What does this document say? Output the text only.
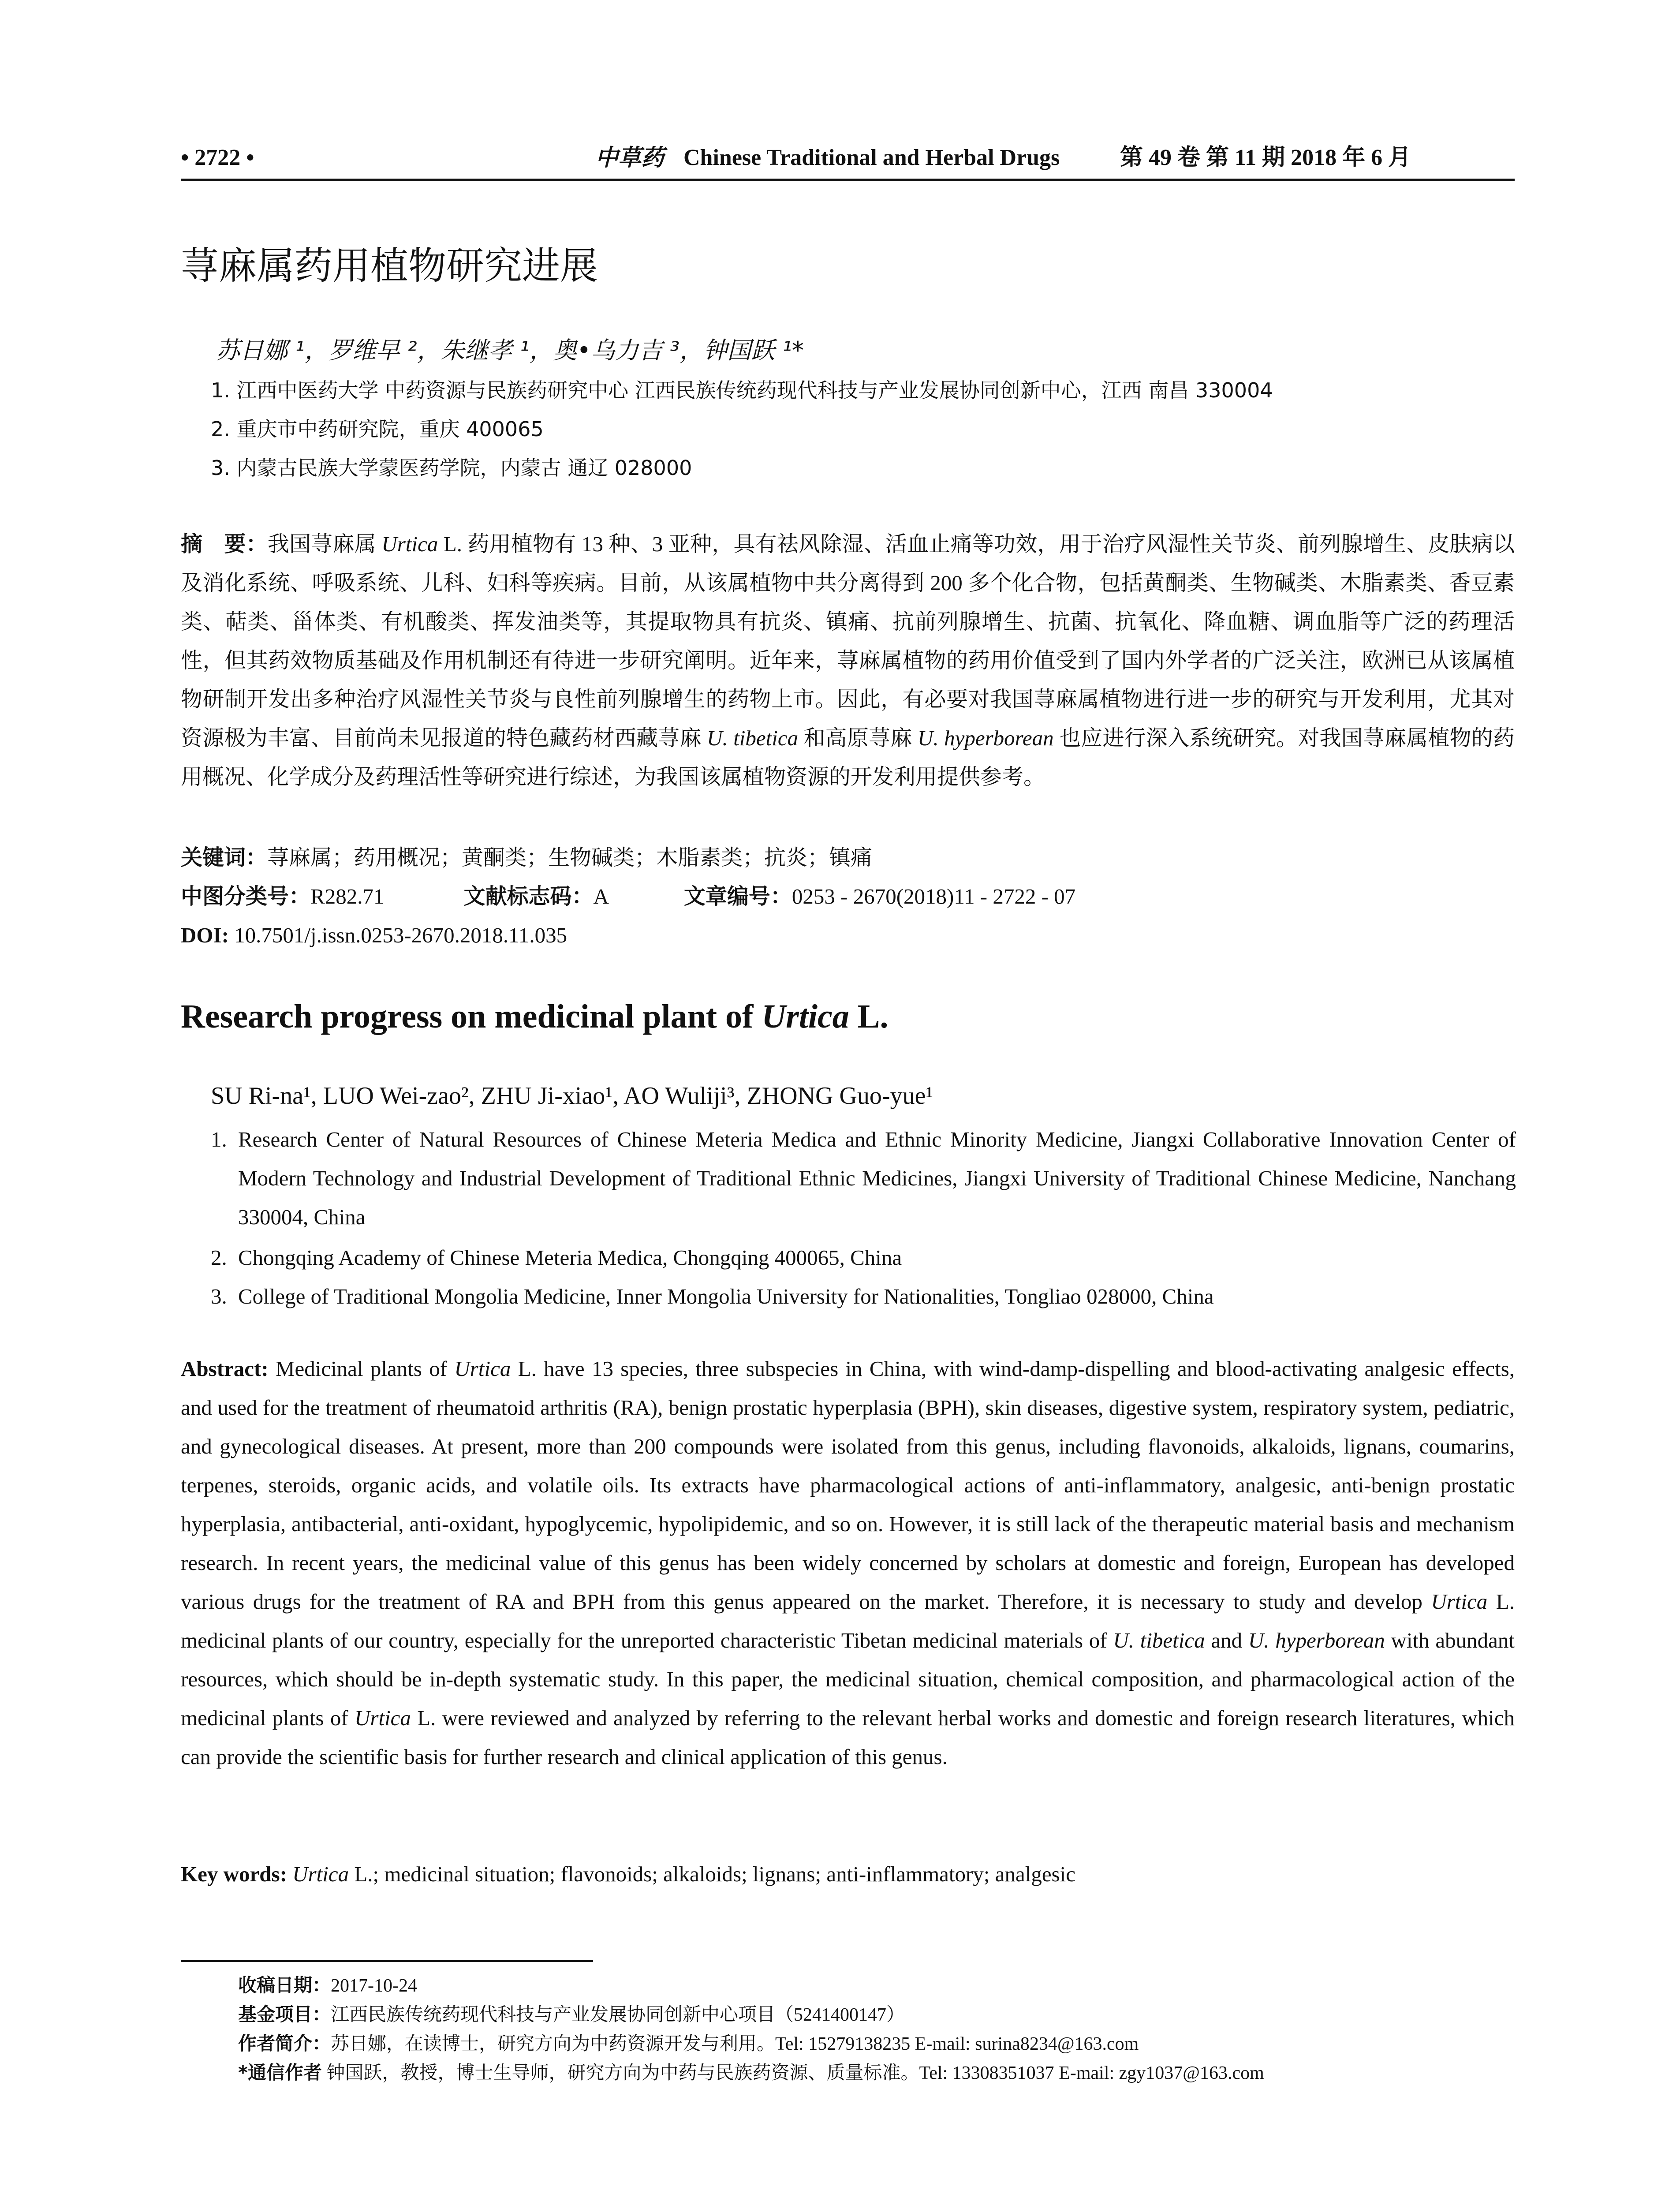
• 2722 •	中草药 Chinese Traditional and Herbal Drugs	第 49 卷 第 11 期 2018 年 6 月
荨麻属药用植物研究进展
苏日娜 ¹，罗维早 ²，朱继孝 ¹，奥•乌力吉 ³，钟国跃 ¹*
1. 江西中医药大学 中药资源与民族药研究中心 江西民族传统药现代科技与产业发展协同创新中心，江西 南昌 330004
2. 重庆市中药研究院，重庆 400065
3. 内蒙古民族大学蒙医药学院，内蒙古 通辽 028000

摘　要：我国荨麻属 Urtica L. 药用植物有 13 种、3 亚种，具有祛风除湿、活血止痛等功效，用于治疗风湿性关节炎、前列腺增生、皮肤病以及消化系统、呼吸系统、儿科、妇科等疾病。目前，从该属植物中共分离得到 200 多个化合物，包括黄酮类、生物碱类、木脂素类、香豆素类、萜类、甾体类、有机酸类、挥发油类等，其提取物具有抗炎、镇痛、抗前列腺增生、抗菌、抗氧化、降血糖、调血脂等广泛的药理活性，但其药效物质基础及作用机制还有待进一步研究阐明。近年来，荨麻属植物的药用价值受到了国内外学者的广泛关注，欧洲已从该属植物研制开发出多种治疗风湿性关节炎与良性前列腺增生的药物上市。因此，有必要对我国荨麻属植物进行进一步的研究与开发利用，尤其对资源极为丰富、目前尚未见报道的特色藏药材西藏荨麻 U. tibetica 和高原荨麻 U. hyperborean 也应进行深入系统研究。对我国荨麻属植物的药用概况、化学成分及药理活性等研究进行综述，为我国该属植物资源的开发利用提供参考。

关键词：荨麻属；药用概况；黄酮类；生物碱类；木脂素类；抗炎；镇痛
中图分类号：R282.71	文献标志码：A	文章编号：0253 - 2670(2018)11 - 2722 - 07
DOI: 10.7501/j.issn.0253-2670.2018.11.035
Research progress on medicinal plant of Urtica L.
SU Ri-na¹, LUO Wei-zao², ZHU Ji-xiao¹, AO Wuliji³, ZHONG Guo-yue¹
1. Research Center of Natural Resources of Chinese Meteria Medica and Ethnic Minority Medicine, Jiangxi Collaborative Innovation Center of Modern Technology and Industrial Development of Traditional Ethnic Medicines, Jiangxi University of Traditional Chinese Medicine, Nanchang 330004, China
2. Chongqing Academy of Chinese Meteria Medica, Chongqing 400065, China
3. College of Traditional Mongolia Medicine, Inner Mongolia University for Nationalities, Tongliao 028000, China

Abstract: Medicinal plants of Urtica L. have 13 species, three subspecies in China, with wind-damp-dispelling and blood-activating analgesic effects, and used for the treatment of rheumatoid arthritis (RA), benign prostatic hyperplasia (BPH), skin diseases, digestive system, respiratory system, pediatric, and gynecological diseases. At present, more than 200 compounds were isolated from this genus, including flavonoids, alkaloids, lignans, coumarins, terpenes, steroids, organic acids, and volatile oils. Its extracts have pharmacological actions of anti-inflammatory, analgesic, anti-benign prostatic hyperplasia, antibacterial, anti-oxidant, hypoglycemic, hypolipidemic, and so on. However, it is still lack of the therapeutic material basis and mechanism research. In recent years, the medicinal value of this genus has been widely concerned by scholars at domestic and foreign, European has developed various drugs for the treatment of RA and BPH from this genus appeared on the market. Therefore, it is necessary to study and develop Urtica L. medicinal plants of our country, especially for the unreported characteristic Tibetan medicinal materials of U. tibetica and U. hyperborean with abundant resources, which should be in-depth systematic study. In this paper, the medicinal situation, chemical composition, and pharmacological action of the medicinal plants of Urtica L. were reviewed and analyzed by referring to the relevant herbal works and domestic and foreign research literatures, which can provide the scientific basis for further research and clinical application of this genus.

Key words: Urtica L.; medicinal situation; flavonoids; alkaloids; lignans; anti-inflammatory; analgesic
收稿日期：2017-10-24
基金项目：江西民族传统药现代科技与产业发展协同创新中心项目（5241400147）
作者简介：苏日娜，在读博士，研究方向为中药资源开发与利用。Tel: 15279138235 E-mail: surina8234@163.com
*通信作者 钟国跃，教授，博士生导师，研究方向为中药与民族药资源、质量标准。Tel: 13308351037 E-mail: zgy1037@163.com
